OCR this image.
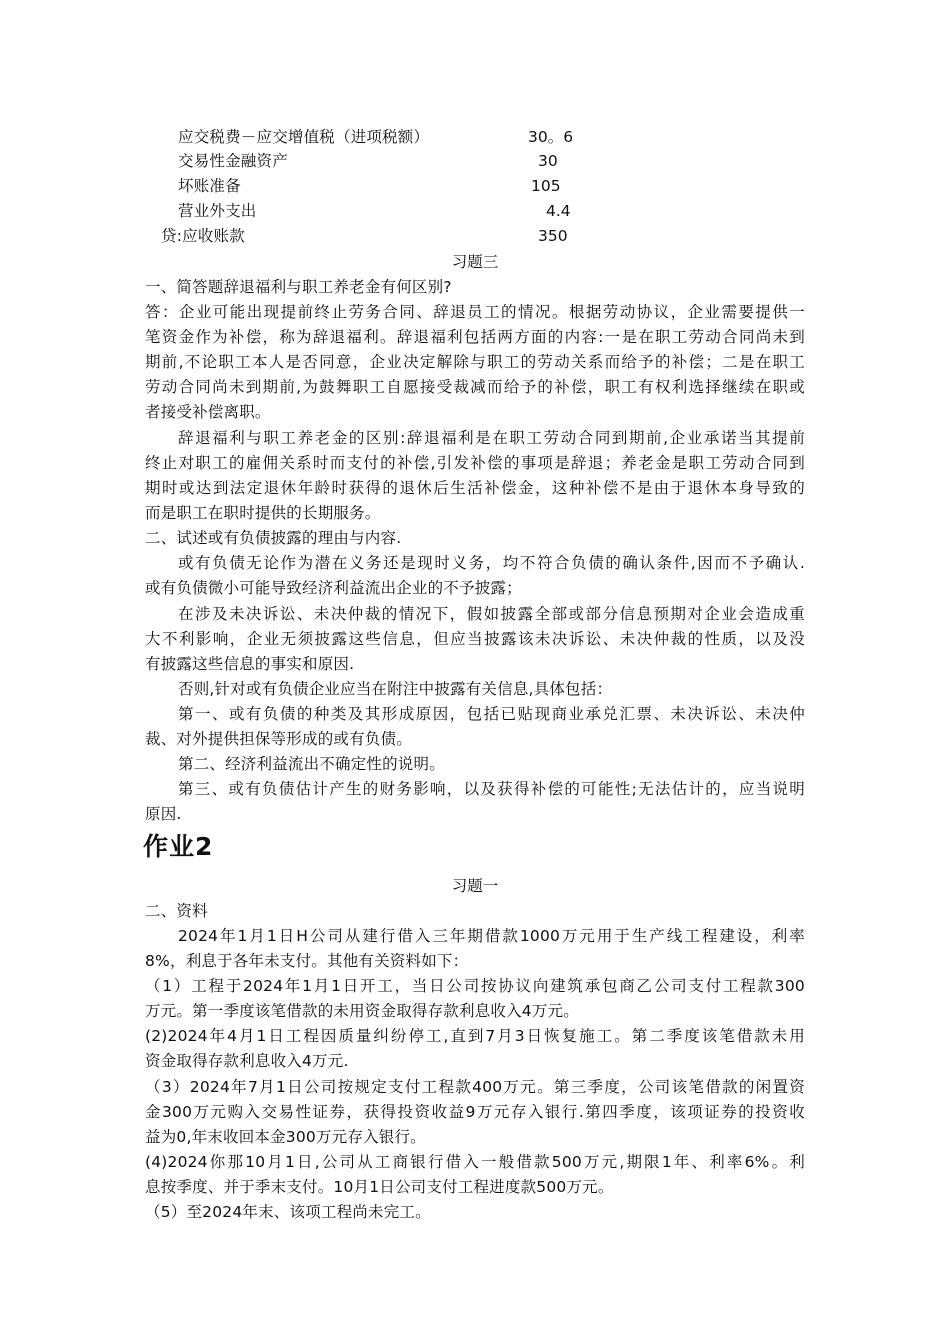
应交税费－应交增值税（进项税额）	30。6
交易性金融资产	30
坏账准备	105
营业外支出	4.4
贷:应收账款	350
习题三
一、简答题辞退福利与职工养老金有何区别?
答：企业可能出现提前终止劳务合同、辞退员工的情况。根据劳动协议，企业需要提供一
笔资金作为补偿，称为辞退福利。辞退福利包括两方面的内容:一是在职工劳动合同尚未到
期前,不论职工本人是否同意，企业决定解除与职工的劳动关系而给予的补偿；二是在职工
劳动合同尚未到期前,为鼓舞职工自愿接受裁减而给予的补偿，职工有权利选择继续在职或
者接受补偿离职。
辞退福利与职工养老金的区别:辞退福利是在职工劳动合同到期前,企业承诺当其提前
终止对职工的雇佣关系时而支付的补偿,引发补偿的事项是辞退；养老金是职工劳动合同到
期时或达到法定退休年龄时获得的退休后生活补偿金，这种补偿不是由于退休本身导致的
而是职工在职时提供的长期服务。
二、试述或有负债披露的理由与内容.
或有负债无论作为潜在义务还是现时义务，均不符合负债的确认条件,因而不予确认.
或有负债微小可能导致经济利益流出企业的不予披露；
在涉及未决诉讼、未决仲裁的情况下，假如披露全部或部分信息预期对企业会造成重
大不利影响，企业无须披露这些信息，但应当披露该未决诉讼、未决仲裁的性质，以及没
有披露这些信息的事实和原因.
否则,针对或有负债企业应当在附注中披露有关信息,具体包括：
第一、或有负债的种类及其形成原因，包括已贴现商业承兑汇票、未决诉讼、未决仲
裁、对外提供担保等形成的或有负债。
第二、经济利益流出不确定性的说明。
第三、或有负债估计产生的财务影响，以及获得补偿的可能性;无法估计的，应当说明
原因.
作业2
习题一
二、资料
2024年1月1日H公司从建行借入三年期借款1000万元用于生产线工程建设，利率
8%，利息于各年未支付。其他有关资料如下：
（1）工程于2024年1月1日开工，当日公司按协议向建筑承包商乙公司支付工程款300
万元。第一季度该笔借款的未用资金取得存款利息收入4万元。
(2)2024年4月1日工程因质量纠纷停工,直到7月3日恢复施工。第二季度该笔借款未用
资金取得存款利息收入4万元.
（3）2024年7月1日公司按规定支付工程款400万元。第三季度，公司该笔借款的闲置资
金300万元购入交易性证券，获得投资收益9万元存入银行.第四季度，该项证券的投资收
益为0,年末收回本金300万元存入银行。
(4)2024你那10月1日,公司从工商银行借入一般借款500万元,期限1年、利率6%。利
息按季度、并于季末支付。10月1日公司支付工程进度款500万元。
（5）至2024年末、该项工程尚未完工。
